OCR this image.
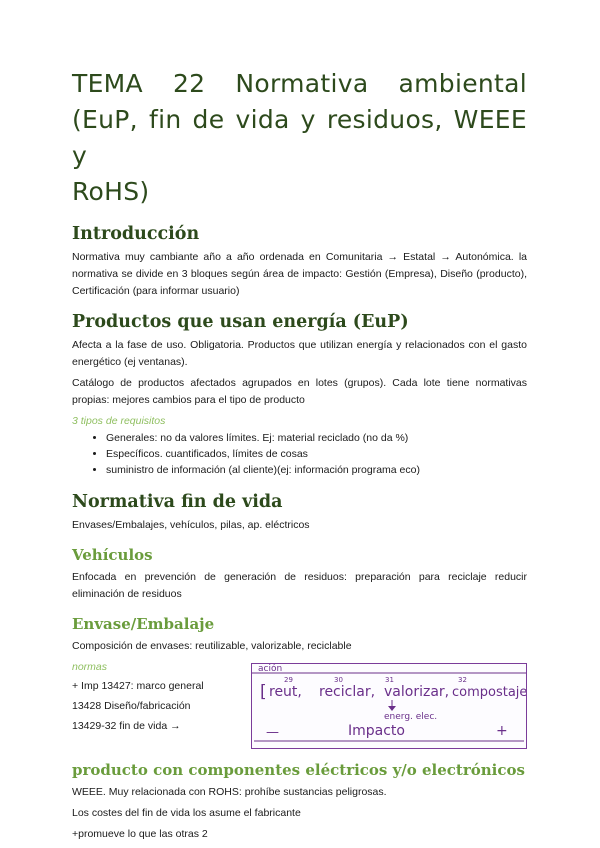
TEMA 22 Normativa ambiental
(EuP, fin de vida y residuos, WEEE y
RoHS)
Introducción

Normativa muy cambiante año a año ordenada en Comunitaria → Estatal → Autonómica. la normativa se divide en 3 bloques según área de impacto: Gestión (Empresa), Diseño (producto), Certificación (para informar usuario)

Productos que usan energía (EuP)

Afecta a la fase de uso. Obligatoria. Productos que utilizan energía y relacionados con el gasto energético (ej ventanas).

Catálogo de productos afectados agrupados en lotes (grupos). Cada lote tiene normativas propias: mejores cambios para el tipo de producto

3 tipos de requisitos
• Generales: no da valores límites. Ej: material reciclado (no da %)
• Específicos. cuantificados, límites de cosas
• suministro de información (al cliente)(ej: información programa eco)
Normativa fin de vida

Envases/Embalajes, vehículos, pilas, ap. eléctricos

Vehículos

Enfocada en prevención de generación de residuos: preparación para reciclaje reducir eliminación de residuos

Envase/Embalaje

Composición de envases: reutilizable, valorizable, reciclable

normas

+ Imp 13427: marco general

13428 Diseño/fabricación

13429-32 fin de vida →

ación
29	30	31	32
[ reut, reciclar, valorizar, compostaje
energ. elec.
—	Impacto	+
producto con componentes eléctricos y/o electrónicos

WEEE. Muy relacionada con ROHS: prohíbe sustancias peligrosas.

Los costes del fin de vida los asume el fabricante

+promueve lo que las otras 2
